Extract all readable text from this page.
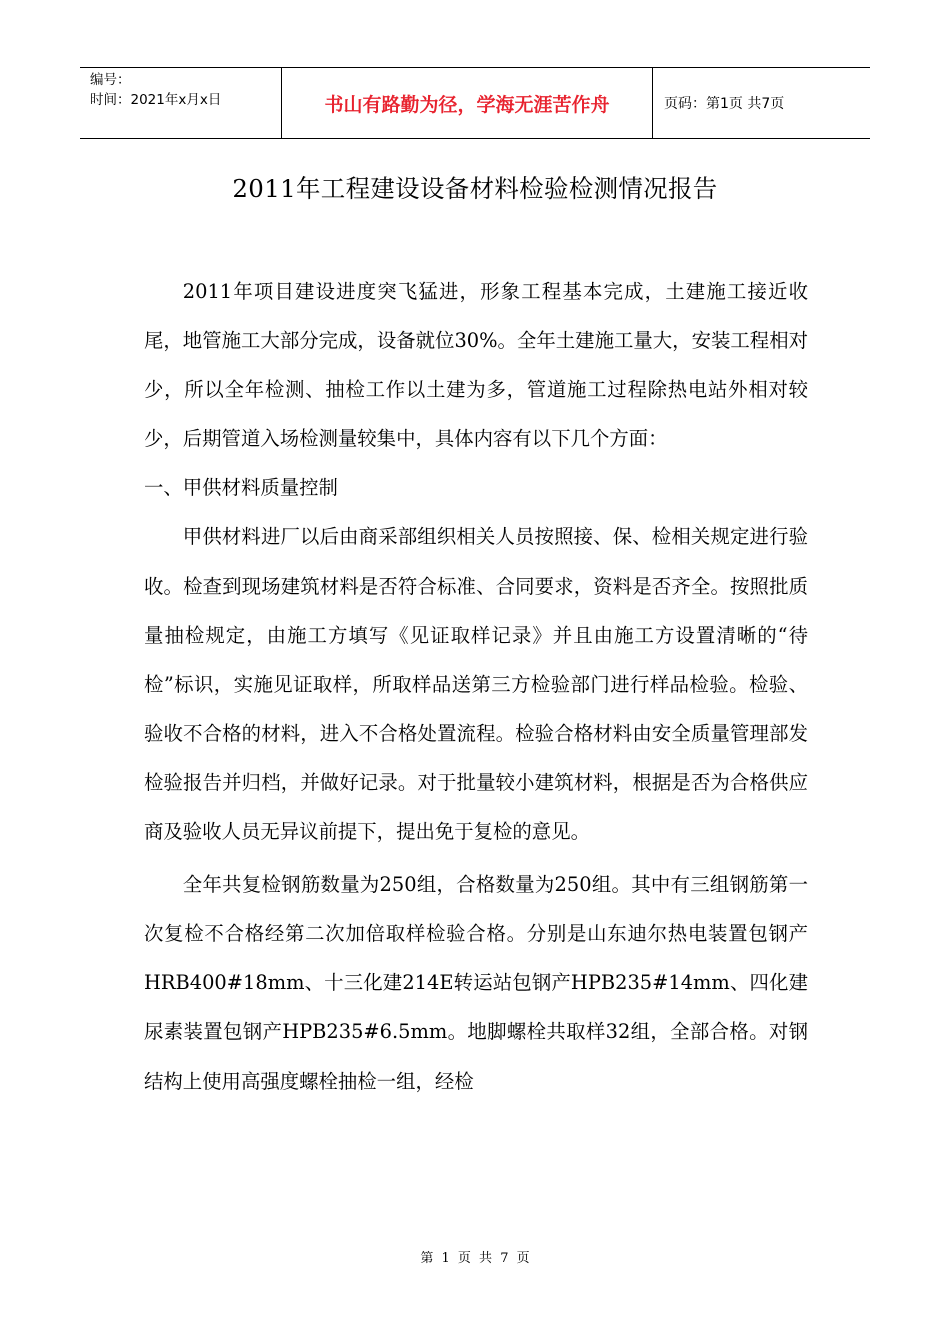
编号：
时间：2021年x月x日	书山有路勤为径，学海无涯苦作舟	页码：第1页 共7页
2011年工程建设设备材料检验检测情况报告

2011年项目建设进度突飞猛进，形象工程基本完成，土建施工接近收尾，地管施工大部分完成，设备就位30%。全年土建施工量大，安装工程相对少，所以全年检测、抽检工作以土建为多，管道施工过程除热电站外相对较少，后期管道入场检测量较集中，具体内容有以下几个方面：

一、甲供材料质量控制

甲供材料进厂以后由商采部组织相关人员按照接、保、检相关规定进行验收。检查到现场建筑材料是否符合标准、合同要求，资料是否齐全。按照批质量抽检规定，由施工方填写《见证取样记录》并且由施工方设置清晰的“待检”标识，实施见证取样，所取样品送第三方检验部门进行样品检验。检验、验收不合格的材料，进入不合格处置流程。检验合格材料由安全质量管理部发检验报告并归档，并做好记录。对于批量较小建筑材料，根据是否为合格供应商及验收人员无异议前提下，提出免于复检的意见。

全年共复检钢筋数量为250组，合格数量为250组。其中有三组钢筋第一次复检不合格经第二次加倍取样检验合格。分别是山东迪尔热电装置包钢产HRB400#18mm、十三化建214E转运站包钢产HPB235#14mm、四化建尿素装置包钢产HPB235#6.5mm。地脚螺栓共取样32组，全部合格。对钢结构上使用高强度螺栓抽检一组，经检

第 1 页 共 7 页
